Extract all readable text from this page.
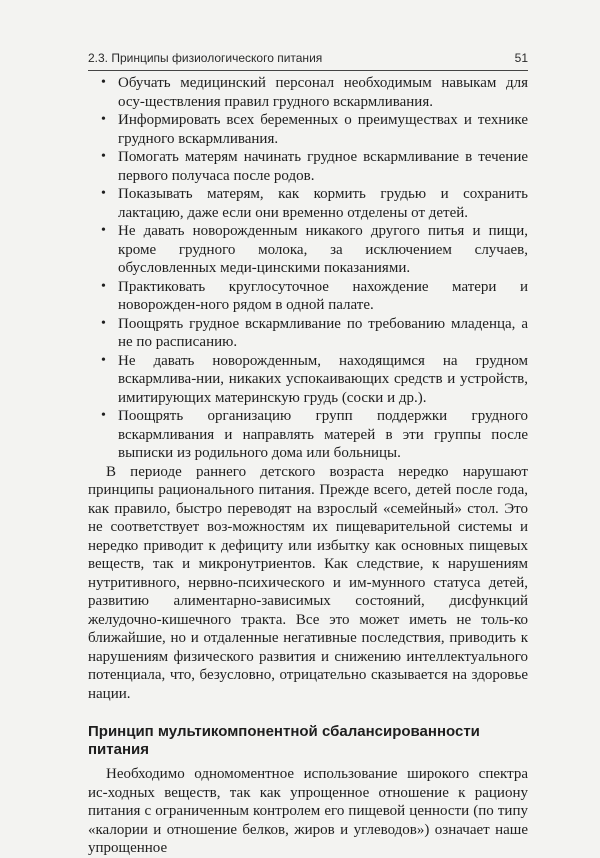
2.3. Принципы физиологического питания	51
• Обучать медицинский персонал необходимым навыкам для осу-ществления правил грудного вскармливания.
• Информировать всех беременных о преимуществах и технике грудного вскармливания.
• Помогать матерям начинать грудное вскармливание в течение первого получаса после родов.
• Показывать матерям, как кормить грудью и сохранить лактацию, даже если они временно отделены от детей.
• Не давать новорожденным никакого другого питья и пищи, кроме грудного молока, за исключением случаев, обусловленных меди-цинскими показаниями.
• Практиковать круглосуточное нахождение матери и новорожден-ного рядом в одной палате.
• Поощрять грудное вскармливание по требованию младенца, а не по расписанию.
• Не давать новорожденным, находящимся на грудном вскармлива-нии, никаких успокаивающих средств и устройств, имитирующих материнскую грудь (соски и др.).
• Поощрять организацию групп поддержки грудного вскармливания и направлять матерей в эти группы после выписки из родильного дома или больницы.

В периоде раннего детского возраста нередко нарушают принципы рационального питания. Прежде всего, детей после года, как правило, быстро переводят на взрослый «семейный» стол. Это не соответствует воз-можностям их пищеварительной системы и нередко приводит к дефициту или избытку как основных пищевых веществ, так и микронутриентов. Как следствие, к нарушениям нутритивного, нервно-психического и им-мунного статуса детей, развитию алиментарно-зависимых состояний, дисфункций желудочно-кишечного тракта. Все это может иметь не толь-ко ближайшие, но и отдаленные негативные последствия, приводить к нарушениям физического развития и снижению интеллектуального потенциала, что, безусловно, отрицательно сказывается на здоровье нации.

Принцип мультикомпонентной сбалансированности питания

Необходимо одномоментное использование широкого спектра ис-ходных веществ, так как упрощенное отношение к рациону питания с ограниченным контролем его пищевой ценности (по типу «калории и отношение белков, жиров и углеводов») означает наше упрощенное
